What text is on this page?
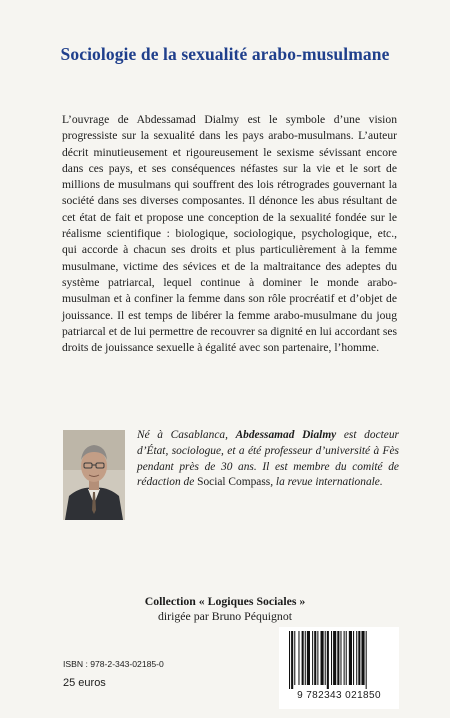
Sociologie de la sexualité arabo-musulmane

L’ouvrage de Abdessamad Dialmy est le symbole d’une vision progressiste sur la sexualité dans les pays arabo-musulmans. L’auteur décrit minutieusement et rigoureusement le sexisme sévissant encore dans ces pays, et ses conséquences néfastes sur la vie et le sort de millions de musulmans qui souffrent des lois rétrogrades gouvernant la société dans ses diverses composantes. Il dénonce les abus résultant de cet état de fait et propose une conception de la sexualité fondée sur le réalisme scientifique : biologique, sociologique, psychologique, etc., qui accorde à chacun ses droits et plus particulièrement à la femme musulmane, victime des sévices et de la maltraitance des adeptes du système patriarcal, lequel continue à dominer le monde arabo-musulman et à confiner la femme dans son rôle procréatif et d’objet de jouissance. Il est temps de libérer la femme arabo-musulmane du joug patriarcal et de lui permettre de recouvrer sa dignité en lui accordant ses droits de jouissance sexuelle à égalité avec son partenaire, l’homme.

Né à Casablanca, Abdessamad Dialmy est docteur d’État, sociologue, et a été professeur d’université à Fès pendant près de 30 ans. Il est membre du comité de rédaction de Social Compass, la revue internationale.

Collection « Logiques Sociales »
dirigée par Bruno Péquignot
ISBN : 978-2-343-02185-0
25 euros
9 782343 021850
